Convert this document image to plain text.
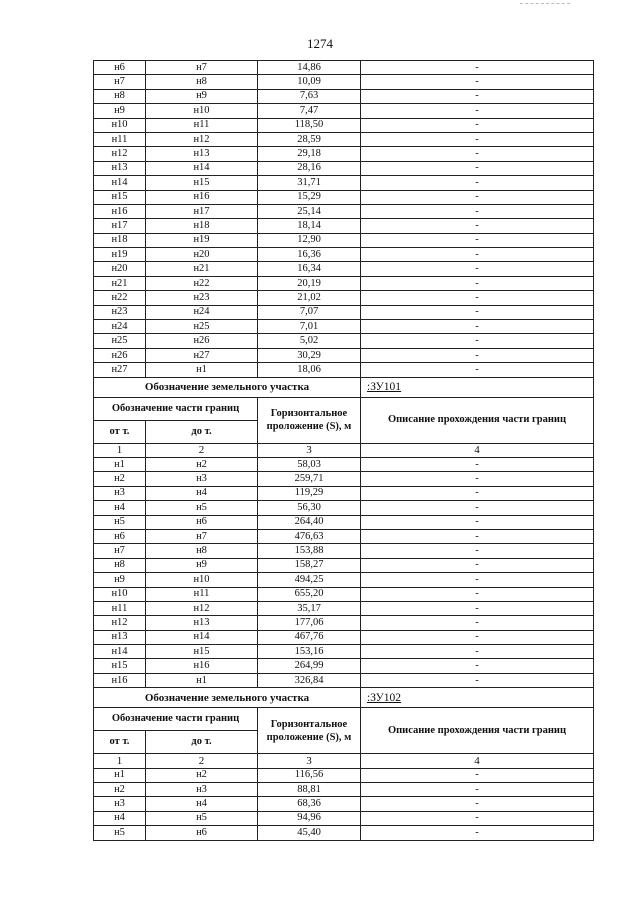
1274
н6	н7	14,86	-
н7	н8	10,09	-
н8	н9	7,63	-
н9	н10	7,47	-
н10	н11	118,50	-
н11	н12	28,59	-
н12	н13	29,18	-
н13	н14	28,16	-
н14	н15	31,71	-
н15	н16	15,29	-
н16	н17	25,14	-
н17	н18	18,14	-
н18	н19	12,90	-
н19	н20	16,36	-
н20	н21	16,34	-
н21	н22	20,19	-
н22	н23	21,02	-
н23	н24	7,07	-
н24	н25	7,01	-
н25	н26	5,02	-
н26	н27	30,29	-
н27	н1	18,06	-
Обозначение земельного участка			:ЗУ101
Обозначение части границ		Горизонтальное проложение (S), м	Описание прохождения части границ
от т.	до т.		
1	2	3	4
н1	н2	58,03	-
н2	н3	259,71	-
н3	н4	119,29	-
н4	н5	56,30	-
н5	н6	264,40	-
н6	н7	476,63	-
н7	н8	153,88	-
н8	н9	158,27	-
н9	н10	494,25	-
н10	н11	655,20	-
н11	н12	35,17	-
н12	н13	177,06	-
н13	н14	467,76	-
н14	н15	153,16	-
н15	н16	264,99	-
н16	н1	326,84	-
Обозначение земельного участка			:ЗУ102
Обозначение части границ		Горизонтальное проложение (S), м	Описание прохождения части границ
от т.	до т.		
1	2	3	4
н1	н2	116,56	-
н2	н3	88,81	-
н3	н4	68,36	-
н4	н5	94,96	-
н5	н6	45,40	-
